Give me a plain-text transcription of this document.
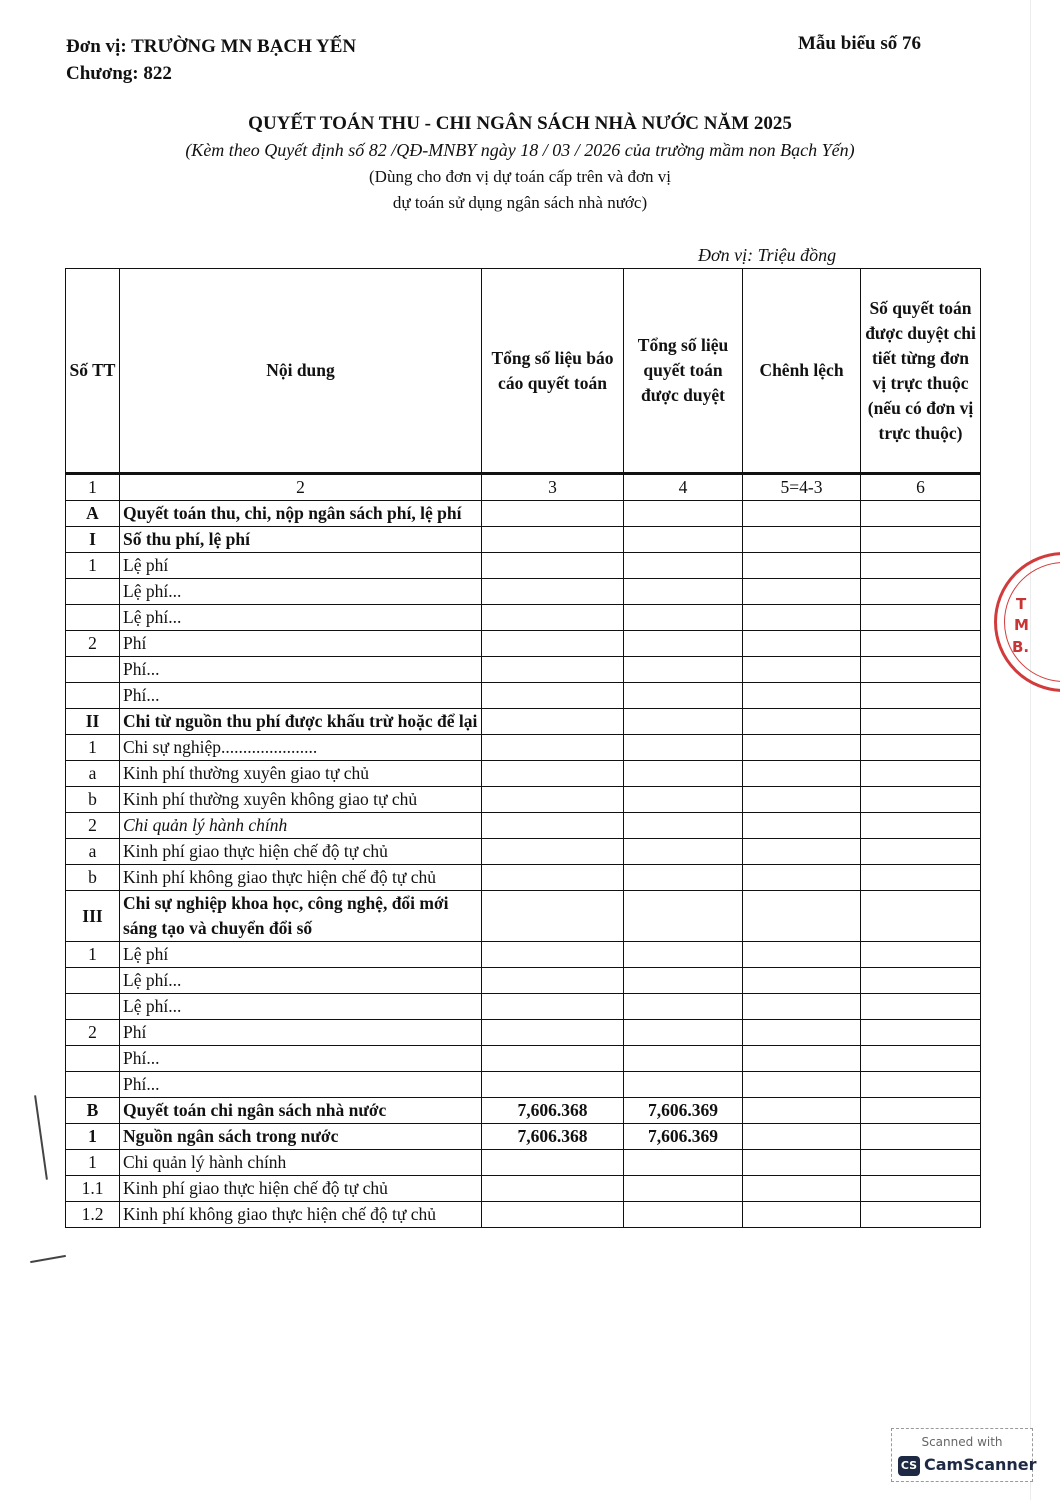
Đơn vị: TRƯỜNG MN BẠCH YẾN
Chương: 822
Mẫu biểu số 76
QUYẾT TOÁN THU - CHI NGÂN SÁCH NHÀ NƯỚC NĂM 2025
(Kèm theo Quyết định số 82 /QĐ-MNBY ngày 18 / 03 / 2026 của trường mầm non Bạch Yến)
(Dùng cho đơn vị dự toán cấp trên và đơn vị
dự toán sử dụng ngân sách nhà nước)
Đơn vị: Triệu đồng
Số TT	Nội dung	Tổng số liệu báo cáo quyết toán	Tổng số liệu quyết toán được duyệt	Chênh lệch	Số quyết toán được duyệt chi tiết từng đơn vị trực thuộc (nếu có đơn vị trực thuộc)
1	2	3	4	5=4-3	6
A	Quyết toán thu, chi, nộp ngân sách phí, lệ phí				
I	Số thu phí, lệ phí				
1	Lệ phí				
	Lệ phí...				
	Lệ phí...				
2	Phí				
	Phí...				
	Phí...				
II	Chi từ nguồn thu phí được khấu trừ hoặc để lại				
1	Chi sự nghiệp......................				
a	Kinh phí thường xuyên giao tự chủ				
b	Kinh phí thường xuyên không giao tự chủ				
2	Chi quản lý hành chính				
a	Kinh phí giao thực hiện chế độ tự chủ				
b	Kinh phí không giao thực hiện chế độ tự chủ				
III	Chi sự nghiệp khoa học, công nghệ, đổi mới sáng tạo và chuyển đổi số				
1	Lệ phí				
	Lệ phí...				
	Lệ phí...				
2	Phí				
	Phí...				
	Phí...				
B	Quyết toán chi ngân sách nhà nước	7,606.368	7,606.369		
1	Nguồn ngân sách trong nước	7,606.368	7,606.369		
1	Chi quản lý hành chính				
1.1	Kinh phí giao thực hiện chế độ tự chủ				
1.2	Kinh phí không giao thực hiện chế độ tự chủ				
T
M
B.
Scanned with
CS CamScanner
